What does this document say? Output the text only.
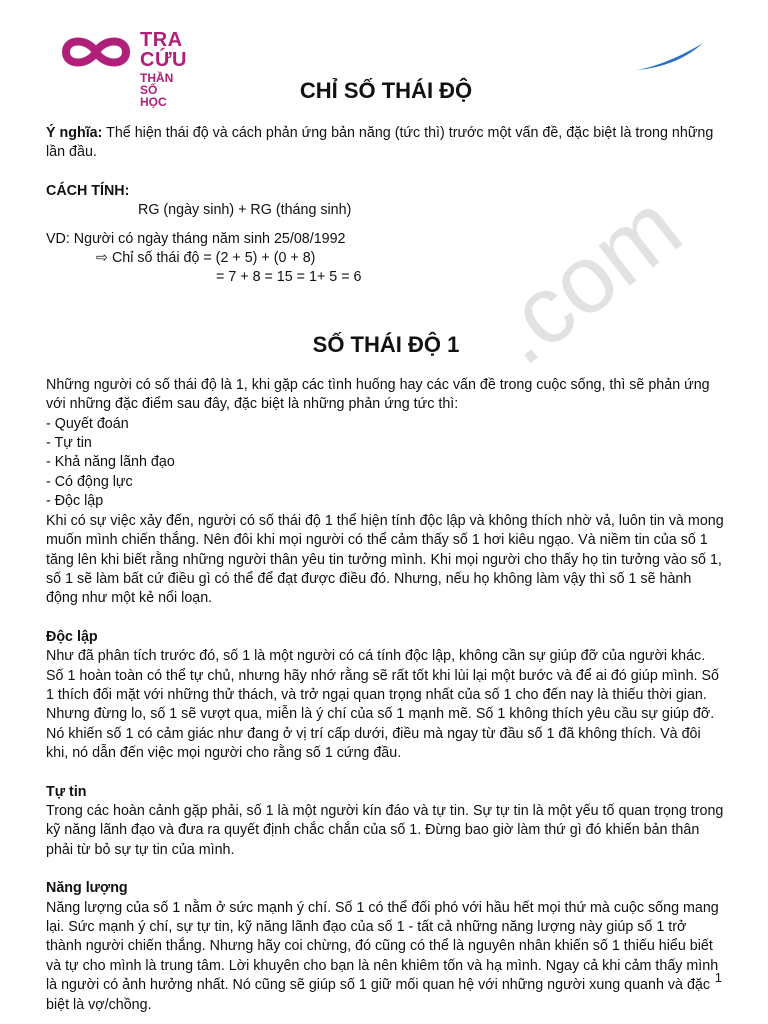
TRA CỨU
THẦN SỐ HỌC
.com
CHỈ SỐ THÁI ĐỘ

Ý nghĩa: Thể hiện thái độ và cách phản ứng bản năng (tức thì) trước một vấn đề, đặc biệt là trong những lần đầu.

CÁCH TÍNH:

RG (ngày sinh) + RG (tháng sinh)

VD: Người có ngày tháng năm sinh 25/08/1992

⇨ Chỉ số thái độ = (2 + 5) + (0 + 8)

= 7 + 8 = 15 = 1+ 5 = 6

SỐ THÁI ĐỘ 1

Những người có số thái độ là 1, khi gặp các tình huống hay các vấn đề trong cuộc sống, thì sẽ phản ứng với những đặc điểm sau đây, đặc biệt là những phản ứng tức thì:

- Quyết đoán

- Tự tin

- Khả năng lãnh đạo

- Có động lực

- Độc lập

Khi có sự việc xảy đến, người có số thái độ 1 thể hiện tính độc lập và không thích nhờ vả, luôn tin và mong muốn mình chiến thắng. Nên đôi khi mọi người có thể cảm thấy số 1 hơi kiêu ngạo. Và niềm tin của số 1 tăng lên khi biết rằng những người thân yêu tin tưởng mình. Khi mọi người cho thấy họ tin tưởng vào số 1, số 1 sẽ làm bất cứ điều gì có thể để đạt được điều đó. Nhưng, nếu họ không làm vậy thì số 1 sẽ hành động như một kẻ nổi loạn.

Độc lập

Như đã phân tích trước đó, số 1 là một người có cá tính độc lập, không cần sự giúp đỡ của người khác. Số 1 hoàn toàn có thể tự chủ, nhưng hãy nhớ rằng sẽ rất tốt khi lùi lại một bước và để ai đó giúp mình. Số 1 thích đối mặt với những thử thách, và trở ngại quan trọng nhất của số 1 cho đến nay là thiếu thời gian. Nhưng đừng lo, số 1 sẽ vượt qua, miễn là ý chí của số 1 mạnh mẽ. Số 1 không thích yêu cầu sự giúp đỡ. Nó khiến số 1 có cảm giác như đang ở vị trí cấp dưới, điều mà ngay từ đầu số 1 đã không thích. Và đôi khi, nó dẫn đến việc mọi người cho rằng số 1 cứng đầu.

Tự tin

Trong các hoàn cảnh gặp phải, số 1 là một người kín đáo và tự tin. Sự tự tin là một yếu tố quan trọng trong kỹ năng lãnh đạo và đưa ra quyết định chắc chắn của số 1. Đừng bao giờ làm thứ gì đó khiến bản thân phải từ bỏ sự tự tin của mình.

Năng lượng

Năng lượng của số 1 nằm ở sức mạnh ý chí. Số 1 có thể đối phó với hầu hết mọi thứ mà cuộc sống mang lại. Sức mạnh ý chí, sự tự tin, kỹ năng lãnh đạo của số 1 - tất cả những năng lượng này giúp số 1 trở thành người chiến thắng. Nhưng hãy coi chừng, đó cũng có thể là nguyên nhân khiến số 1 thiếu hiểu biết và tự cho mình là trung tâm. Lời khuyên cho bạn là nên khiêm tốn và hạ mình. Ngay cả khi cảm thấy mình là người có ảnh hưởng nhất. Nó cũng sẽ giúp số 1 giữ mối quan hệ với những người xung quanh và đặc biệt là vợ/chồng.

1
